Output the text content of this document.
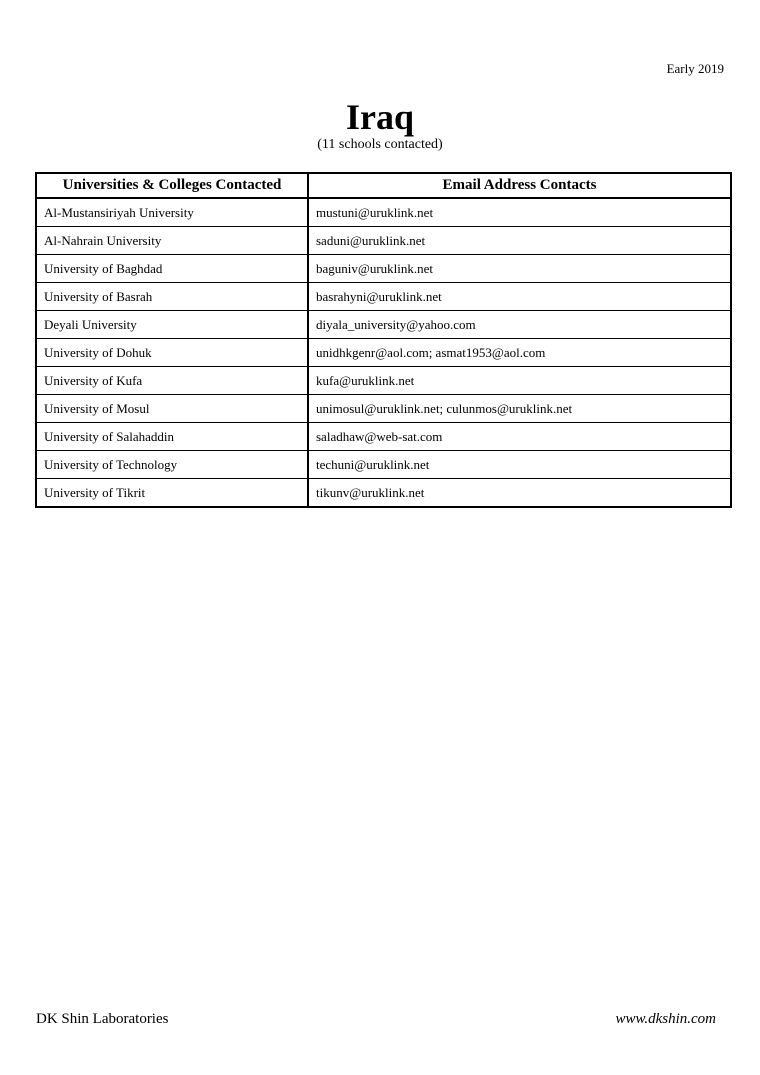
Early 2019
Iraq
(11 schools contacted)
Universities & Colleges Contacted	Email Address Contacts
Al-Mustansiriyah University	mustuni@uruklink.net
Al-Nahrain University	saduni@uruklink.net
University of Baghdad	baguniv@uruklink.net
University of Basrah	basrahyni@uruklink.net
Deyali University	diyala_university@yahoo.com
University of Dohuk	unidhkgenr@aol.com; asmat1953@aol.com
University of Kufa	kufa@uruklink.net
University of Mosul	unimosul@uruklink.net; culunmos@uruklink.net
University of Salahaddin	saladhaw@web-sat.com
University of Technology	techuni@uruklink.net
University of Tikrit	tikunv@uruklink.net
DK Shin Laboratories	www.dkshin.com
